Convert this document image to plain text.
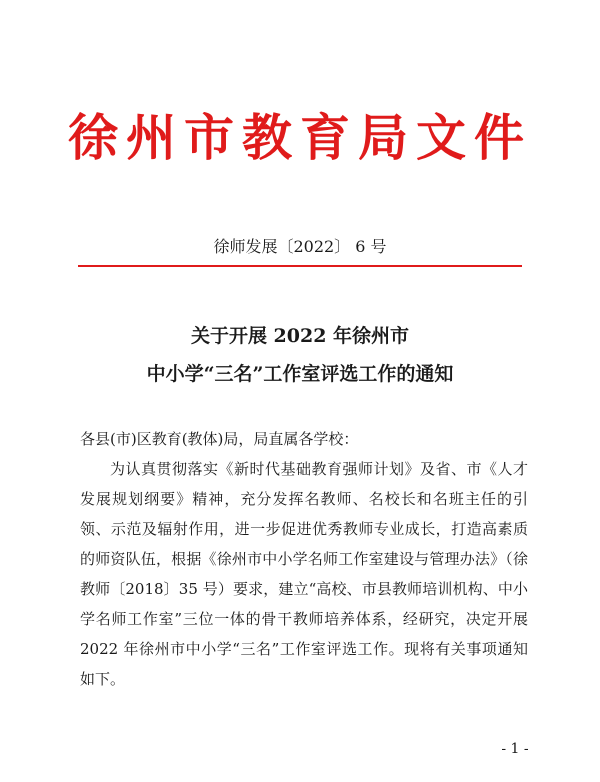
徐州市教育局文件
徐师发展〔2022〕 6 号
关于开展 2022 年徐州市
中小学“三名”工作室评选工作的通知
各县(市)区教育(教体)局，局直属各学校：
为认真贯彻落实《新时代基础教育强师计划》及省、市《人才发展规划纲要》精神，充分发挥名教师、名校长和名班主任的引领、示范及辐射作用，进一步促进优秀教师专业成长，打造高素质的师资队伍，根据《徐州市中小学名师工作室建设与管理办法》（徐教师〔2018〕35 号）要求，建立“高校、市县教师培训机构、中小学名师工作室”三位一体的骨干教师培养体系，经研究，决定开展 2022 年徐州市中小学“三名”工作室评选工作。现将有关事项通知如下。
- 1 -
